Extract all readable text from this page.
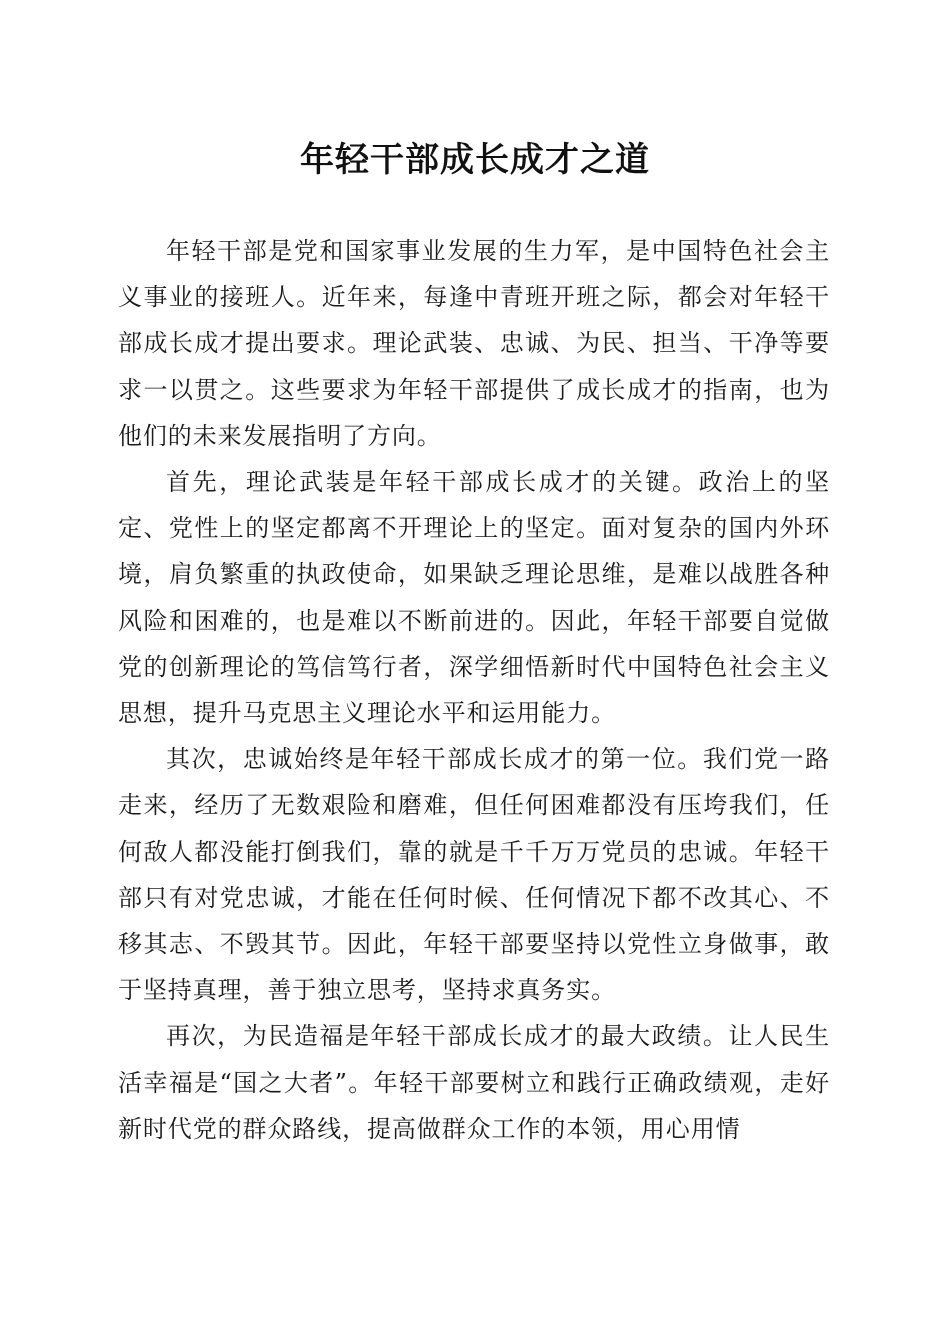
年轻干部成长成才之道

年轻干部是党和国家事业发展的生力军，是中国特色社会主义事业的接班人。近年来，每逢中青班开班之际，都会对年轻干部成长成才提出要求。理论武装、忠诚、为民、担当、干净等要求一以贯之。这些要求为年轻干部提供了成长成才的指南，也为他们的未来发展指明了方向。

首先，理论武装是年轻干部成长成才的关键。政治上的坚定、党性上的坚定都离不开理论上的坚定。面对复杂的国内外环境，肩负繁重的执政使命，如果缺乏理论思维，是难以战胜各种风险和困难的，也是难以不断前进的。因此，年轻干部要自觉做党的创新理论的笃信笃行者，深学细悟新时代中国特色社会主义思想，提升马克思主义理论水平和运用能力。

其次，忠诚始终是年轻干部成长成才的第一位。我们党一路走来，经历了无数艰险和磨难，但任何困难都没有压垮我们，任何敌人都没能打倒我们，靠的就是千千万万党员的忠诚。年轻干部只有对党忠诚，才能在任何时候、任何情况下都不改其心、不移其志、不毁其节。因此，年轻干部要坚持以党性立身做事，敢于坚持真理，善于独立思考，坚持求真务实。

再次，为民造福是年轻干部成长成才的最大政绩。让人民生活幸福是“国之大者”。年轻干部要树立和践行正确政绩观，走好新时代党的群众路线，提高做群众工作的本领，用心用情
